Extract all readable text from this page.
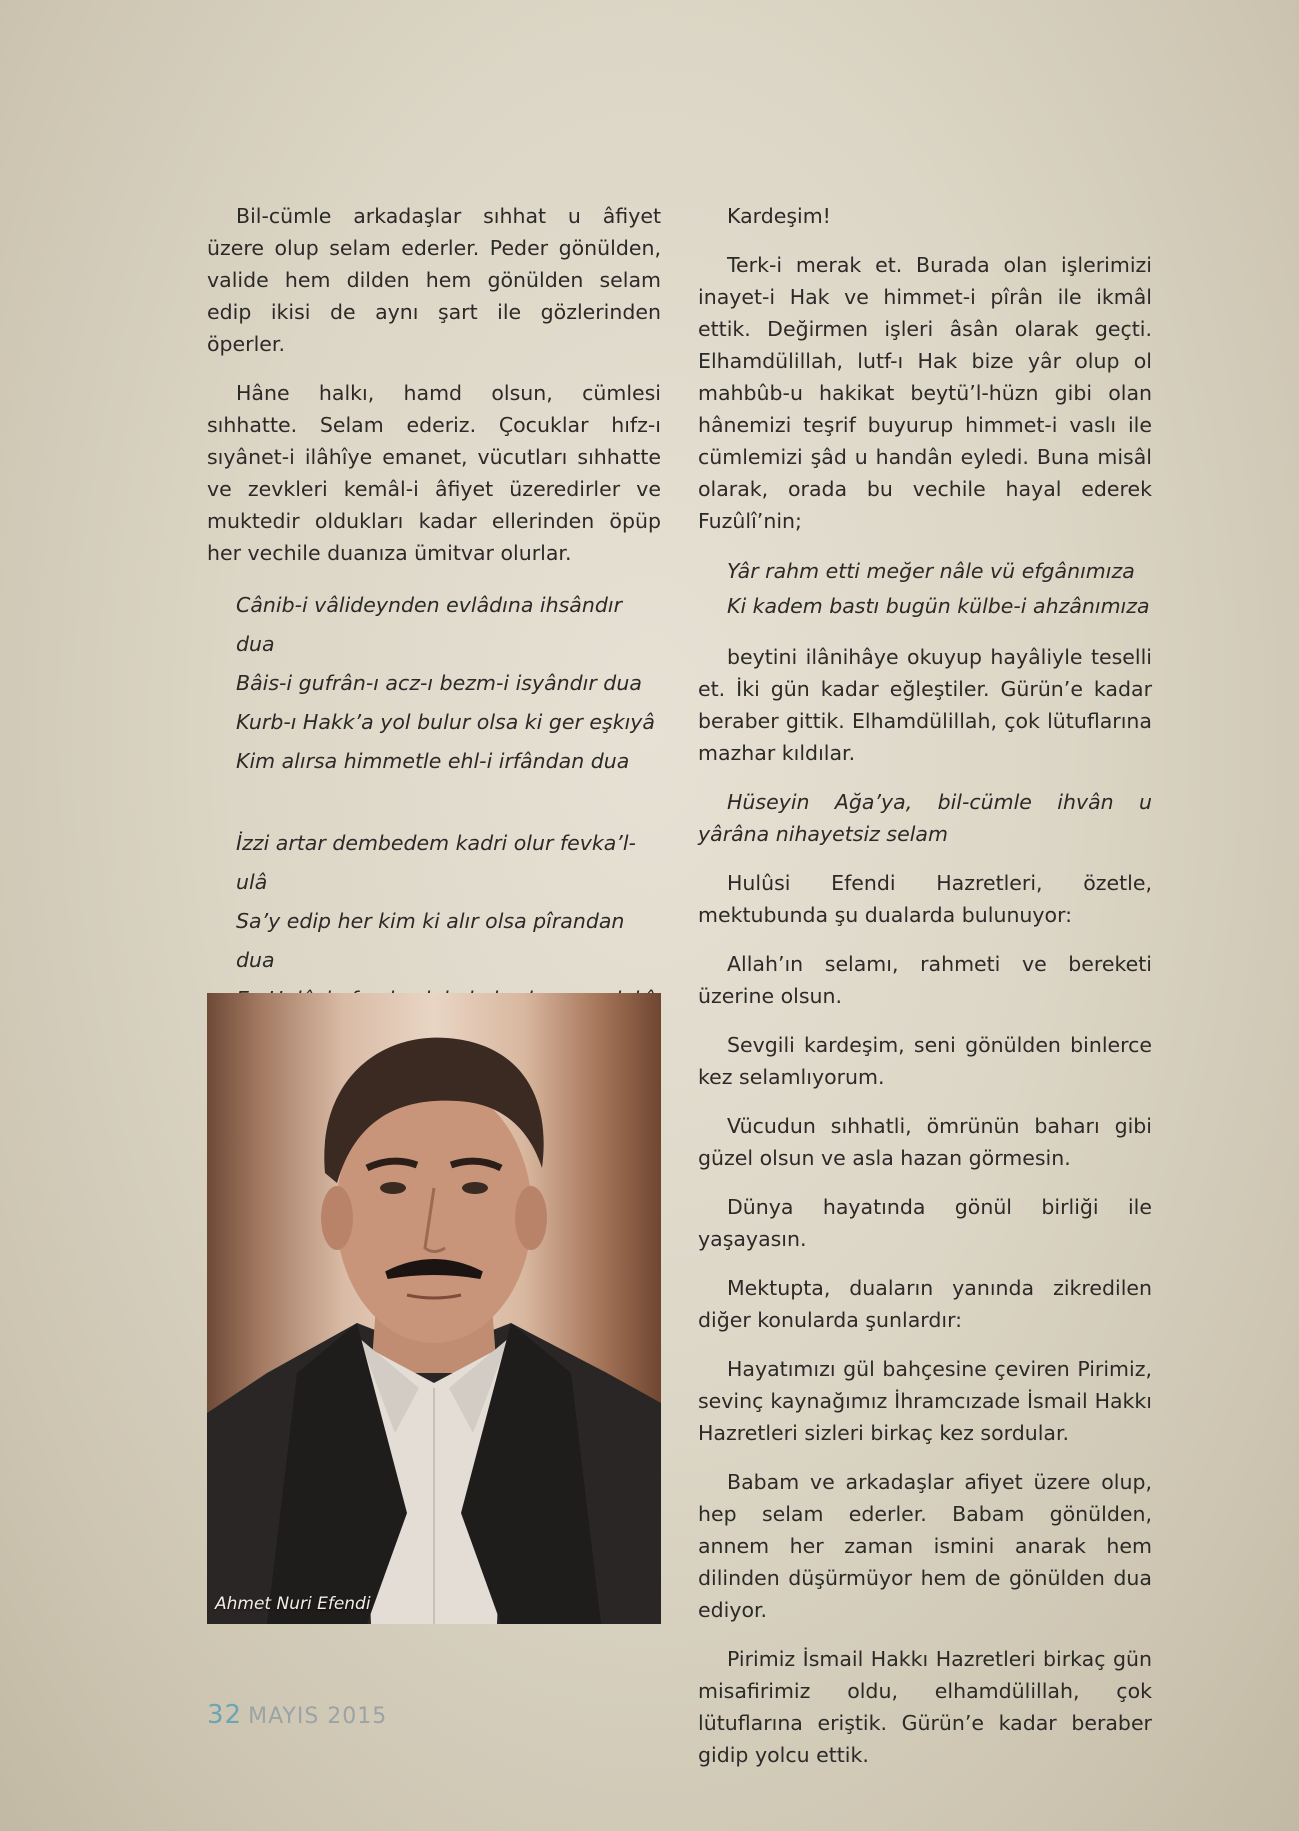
Bil-cümle arkadaşlar sıhhat u âfiyet üzere olup selam ederler. Peder gönülden, valide hem dilden hem gönülden selam edip ikisi de aynı şart ile gözlerinden öperler.

Hâne halkı, hamd olsun, cümlesi sıhhatte. Selam ederiz. Çocuklar hıfz-ı sıyânet-i ilâhîye emanet, vücutları sıhhatte ve zevkleri kemâl-i âfiyet üzeredirler ve muktedir oldukları kadar ellerinden öpüp her vechile duanıza ümitvar olurlar.

Cânib-i vâlideynden evlâdına ihsândır dua
Bâis-i gufrân-ı acz-ı bezm-i isyândır dua
Kurb-ı Hakk’a yol bulur olsa ki ger eşkıyâ
Kim alırsa himmetle ehl-i irfândan dua
İzzi artar dembedem kadri olur fevka’l-ulâ
Sa’y edip her kim ki alır olsa pîrandan dua
Ahmet Nuri Efendi

Kardeşim!

Terk-i merak et. Burada olan işlerimizi inayet-i Hak ve himmet-i pîrân ile ikmâl ettik. Değirmen işleri âsân olarak geçti. Elhamdülillah, lutf-ı Hak bize yâr olup ol mahbûb-u hakikat beytü’l-hüzn gibi olan hânemizi teşrif buyurup himmet-i vaslı ile cümlemizi şâd u handân eyledi. Buna misâl olarak, orada bu vechile hayal ederek Fuzûlî’nin;

Yâr rahm etti meğer nâle vü efgânımıza
Ki kadem bastı bugün külbe-i ahzânımıza

beytini ilânihâye okuyup hayâliyle teselli et. İki gün kadar eğleştiler. Gürün’e kadar beraber gittik. Elhamdülillah, çok lütuflarına mazhar kıldılar.

Hüseyin Ağa’ya, bil-cümle ihvân u yârâna nihayetsiz selam

Hulûsi Efendi Hazretleri, özetle, mektubunda şu dualarda bulunuyor:

Allah’ın selamı, rahmeti ve bereketi üzerine olsun.

Sevgili kardeşim, seni gönülden binlerce kez selamlıyorum.

Vücudun sıhhatli, ömrünün baharı gibi güzel olsun ve asla hazan görmesin.

Dünya hayatında gönül birliği ile yaşayasın.

Mektupta, duaların yanında zikredilen diğer konularda şunlardır:

Hayatımızı gül bahçesine çeviren Pirimiz, sevinç kaynağımız İhramcızade İsmail Hakkı Hazretleri sizleri birkaç kez sordular.

Babam ve arkadaşlar afiyet üzere olup, hep selam ederler. Babam gönülden, annem her zaman ismini anarak hem dilinden düşürmüyor hem de gönülden dua ediyor.

Pirimiz İsmail Hakkı Hazretleri birkaç gün misafirimiz oldu, elhamdülillah, çok lütuflarına eriştik. Gürün’e kadar beraber gidip yolcu ettik.

32 MAYIS 2015
